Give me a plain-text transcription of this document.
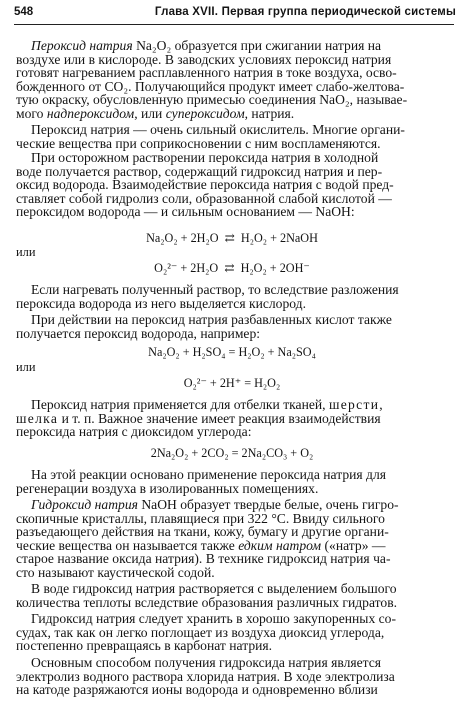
548	Глава XVII. Первая группа периодической системы
Пероксид натрия Na₂O₂ образуется при сжигании натрия на
воздухе или в кислороде. В заводских условиях пероксид натрия
готовят нагреванием расплавленного натрия в токе воздуха, осво-
божденного от CO₂. Получающийся продукт имеет слабо-желтова-
тую окраску, обусловленную примесью соединения NaO₂, называе-
мого надпероксидом, или супероксидом, натрия.
Пероксид натрия — очень сильный окислитель. Многие органи-
ческие вещества при соприкосновении с ним воспламеняются.
При осторожном растворении пероксида натрия в холодной
воде получается раствор, содержащий гидроксид натрия и пер-
оксид водорода. Взаимодействие пероксида натрия с водой пред-
ставляет собой гидролиз соли, образованной слабой кислотой —
пероксидом водорода — и сильным основанием — NaOH:
Na₂O₂ + 2H₂O  ⇄  H₂O₂ + 2NaOH
или
O₂²⁻ + 2H₂O  ⇄  H₂O₂ + 2OH⁻
Если нагревать полученный раствор, то вследствие разложения
пероксида водорода из него выделяется кислород.
При действии на пероксид натрия разбавленных кислот также
получается пероксид водорода, например:
Na₂O₂ + H₂SO₄ = H₂O₂ + Na₂SO₄
или
O₂²⁻ + 2H⁺ = H₂O₂
Пероксид натрия применяется для отбелки тканей, шерсти,
шелка и т. п. Важное значение имеет реакция взаимодействия
пероксида натрия с диоксидом углерода:
2Na₂O₂ + 2CO₂ = 2Na₂CO₃ + O₂
На этой реакции основано применение пероксида натрия для
регенерации воздуха в изолированных помещениях.
Гидроксид натрия NaOH образует твердые белые, очень гигро-
скопичные кристаллы, плавящиеся при 322 °C. Ввиду сильного
разъедающего действия на ткани, кожу, бумагу и другие органи-
ческие вещества он называется также едким натром («натр» —
старое название оксида натрия). В технике гидроксид натрия ча-
сто называют каустической содой.
В воде гидроксид натрия растворяется с выделением большого
количества теплоты вследствие образования различных гидратов.
Гидроксид натрия следует хранить в хорошо закупоренных со-
судах, так как он легко поглощает из воздуха диоксид углерода,
постепенно превращаясь в карбонат натрия.
Основным способом получения гидроксида натрия является
электролиз водного раствора хлорида натрия. В ходе электролиза
на катоде разряжаются ионы водорода и одновременно вблизи
